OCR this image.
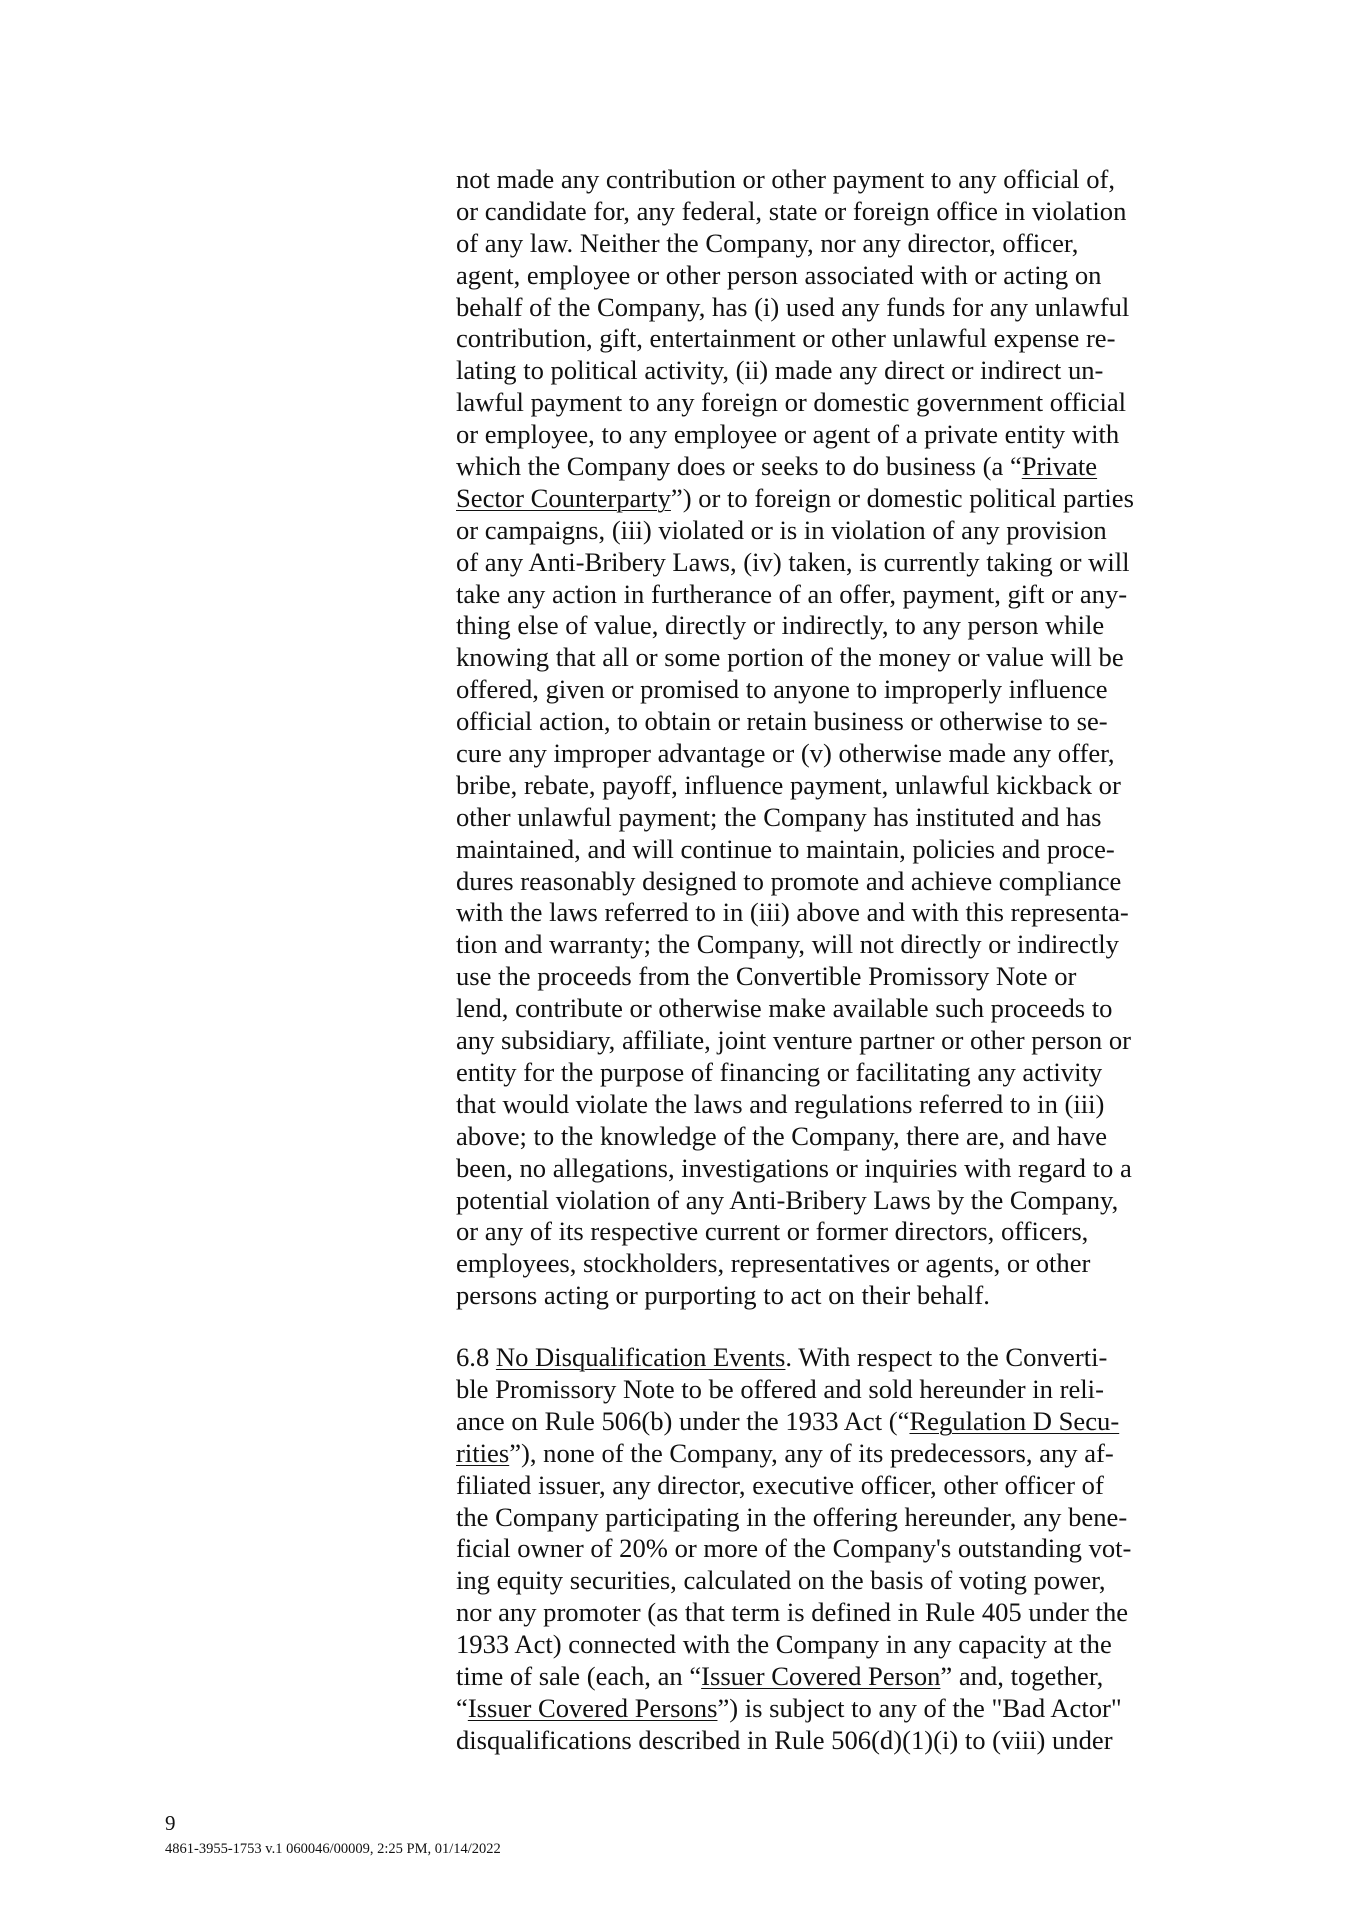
not made any contribution or other payment to any official of,
or candidate for, any federal, state or foreign office in violation
of any law. Neither the Company, nor any director, officer,
agent, employee or other person associated with or acting on
behalf of the Company, has (i) used any funds for any unlawful
contribution, gift, entertainment or other unlawful expense re-
lating to political activity, (ii) made any direct or indirect un-
lawful payment to any foreign or domestic government official
or employee, to any employee or agent of a private entity with
which the Company does or seeks to do business (a “Private
Sector Counterparty”) or to foreign or domestic political parties
or campaigns, (iii) violated or is in violation of any provision
of any Anti-Bribery Laws, (iv) taken, is currently taking or will
take any action in furtherance of an offer, payment, gift or any-
thing else of value, directly or indirectly, to any person while
knowing that all or some portion of the money or value will be
offered, given or promised to anyone to improperly influence
official action, to obtain or retain business or otherwise to se-
cure any improper advantage or (v) otherwise made any offer,
bribe, rebate, payoff, influence payment, unlawful kickback or
other unlawful payment; the Company has instituted and has
maintained, and will continue to maintain, policies and proce-
dures reasonably designed to promote and achieve compliance
with the laws referred to in (iii) above and with this representa-
tion and warranty; the Company, will not directly or indirectly
use the proceeds from the Convertible Promissory Note or
lend, contribute or otherwise make available such proceeds to
any subsidiary, affiliate, joint venture partner or other person or
entity for the purpose of financing or facilitating any activity
that would violate the laws and regulations referred to in (iii)
above; to the knowledge of the Company, there are, and have
been, no allegations, investigations or inquiries with regard to a
potential violation of any Anti-Bribery Laws by the Company,
or any of its respective current or former directors, officers,
employees, stockholders, representatives or agents, or other
persons acting or purporting to act on their behalf.
6.8 No Disqualification Events. With respect to the Converti-
ble Promissory Note to be offered and sold hereunder in reli-
ance on Rule 506(b) under the 1933 Act (“Regulation D Secu-
rities”), none of the Company, any of its predecessors, any af-
filiated issuer, any director, executive officer, other officer of
the Company participating in the offering hereunder, any bene-
ficial owner of 20% or more of the Company's outstanding vot-
ing equity securities, calculated on the basis of voting power,
nor any promoter (as that term is defined in Rule 405 under the
1933 Act) connected with the Company in any capacity at the
time of sale (each, an “Issuer Covered Person” and, together,
“Issuer Covered Persons”) is subject to any of the "Bad Actor"
disqualifications described in Rule 506(d)(1)(i) to (viii) under
9
4861-3955-1753 v.1 060046/00009, 2:25 PM, 01/14/2022
